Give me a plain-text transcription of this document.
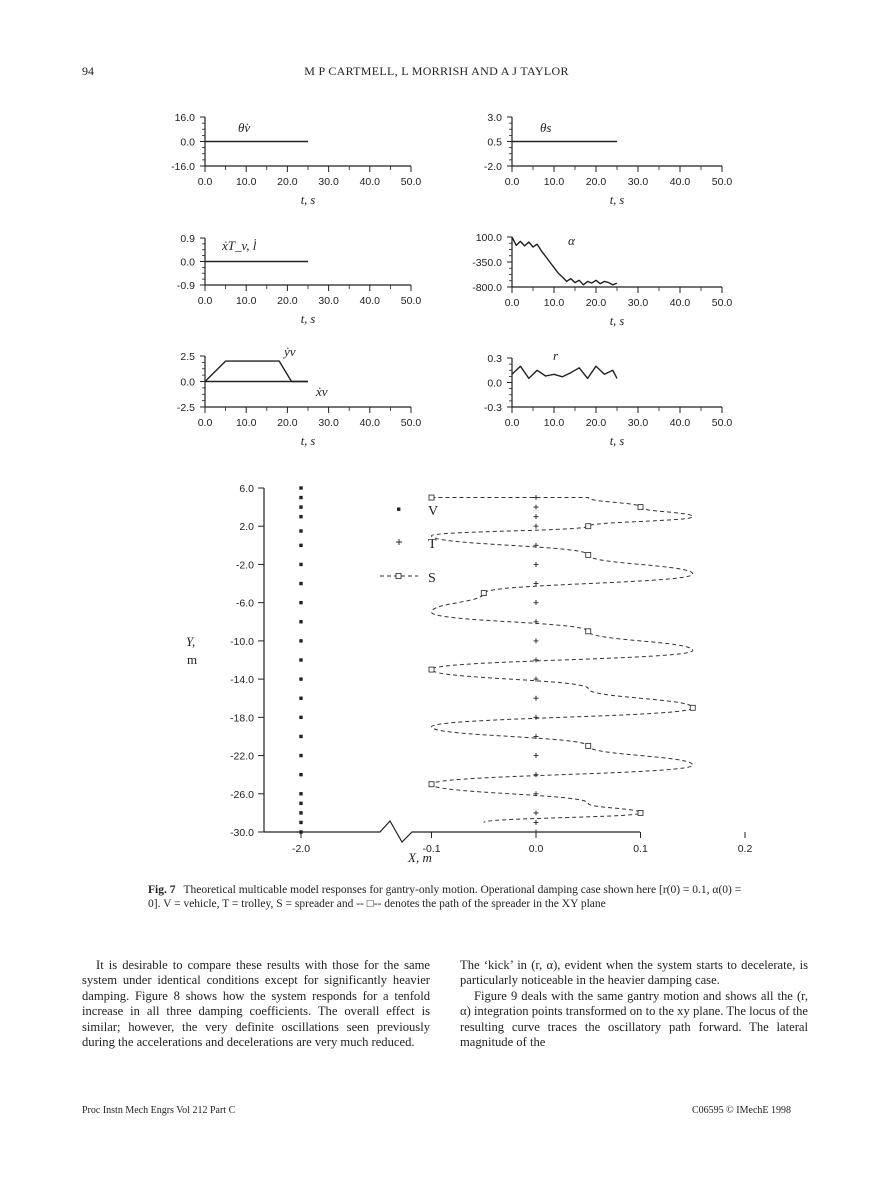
94	M P CARTMELL, L MORRISH AND A J TAYLOR
16.0
0.0
-16.0
0.0 10.0 20.0 30.0 40.0 50.0
t, s
θ̇v
3.0
0.5
-2.0
0.0 10.0 20.0 30.0 40.0 50.0
t, s
θs
0.9
0.0
-0.9
0.0 10.0 20.0 30.0 40.0 50.0
t, s
ẋT_v, l̇	100.0
-350.0
-800.0
0.0 10.0 20.0 30.0 40.0 50.0
t, s
α
2.5
0.0
-2.5
0.0 10.0 20.0 30.0 40.0 50.0
t, s
ẏv
ẋv
0.3
0.0
-0.3
0.0 10.0 20.0 30.0 40.0 50.0
t, s
r
6.0
2.0
-2.0
-6.0
-10.0
-14.0
-18.0
-22.0
-26.0
-30.0
-2.0	-0.1	0.0	0.1	0.2
Y,
m
X, m
V
T
S
Fig. 7 Theoretical multicable model responses for gantry-only motion. Operational damping case shown here [r(0) = 0.1, α(0) = 0]. V = vehicle, T = trolley, S = spreader and -- □-- denotes the path of the spreader in the XY plane

It is desirable to compare these results with those for the same system under identical conditions except for significantly heavier damping. Figure 8 shows how the system responds for a tenfold increase in all three damping coefficients. The overall effect is similar; however, the very definite oscillations seen previously during the accelerations and decelerations are very much reduced.

The ‘kick’ in (r, α), evident when the system starts to decelerate, is particularly noticeable in the heavier damping case.

Figure 9 deals with the same gantry motion and shows all the (r, α) integration points transformed on to the xy plane. The locus of the resulting curve traces the oscillatory path forward. The lateral magnitude of the

Proc Instn Mech Engrs Vol 212 Part C	C06595 © IMechE 1998
